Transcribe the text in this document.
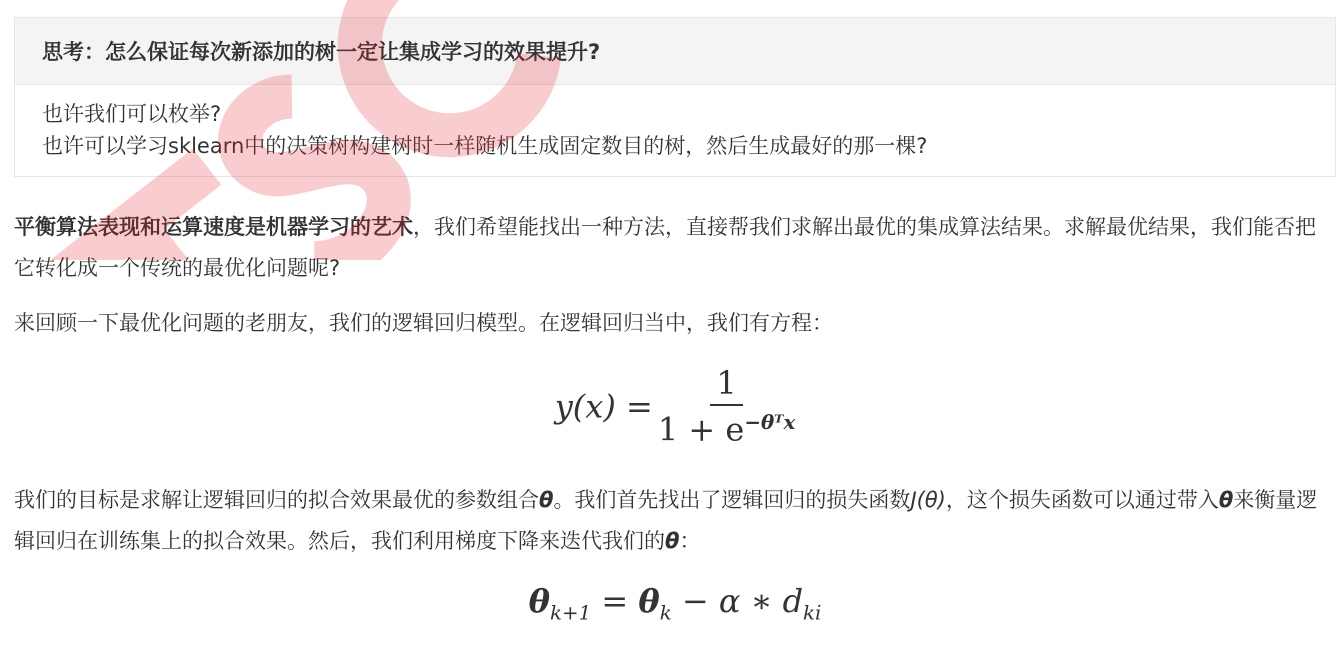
思考：怎么保证每次新添加的树一定让集成学习的效果提升?
也许我们可以枚举?
也许可以学习sklearn中的决策树构建树时一样随机生成固定数目的树，然后生成最好的那一棵?

平衡算法表现和运算速度是机器学习的艺术，我们希望能找出一种方法，直接帮我们求解出最优的集成算法结果。求解最优结果，我们能否把它转化成一个传统的最优化问题呢?

来回顾一下最优化问题的老朋友，我们的逻辑回归模型。在逻辑回归当中，我们有方程：

$y(x) = \frac{1}{1 + e^{-\theta ᵀx}}$

我们的目标是求解让逻辑回归的拟合效果最优的参数组合θ。我们首先找出了逻辑回归的损失函数J(θ)，这个损失函数可以通过带入θ来衡量逻辑回归在训练集上的拟合效果。然后，我们利用梯度下降来迭代我们的θ：

$\theta_{k+1} = \theta_k - \alpha$ ∗ $d_{ki}$
